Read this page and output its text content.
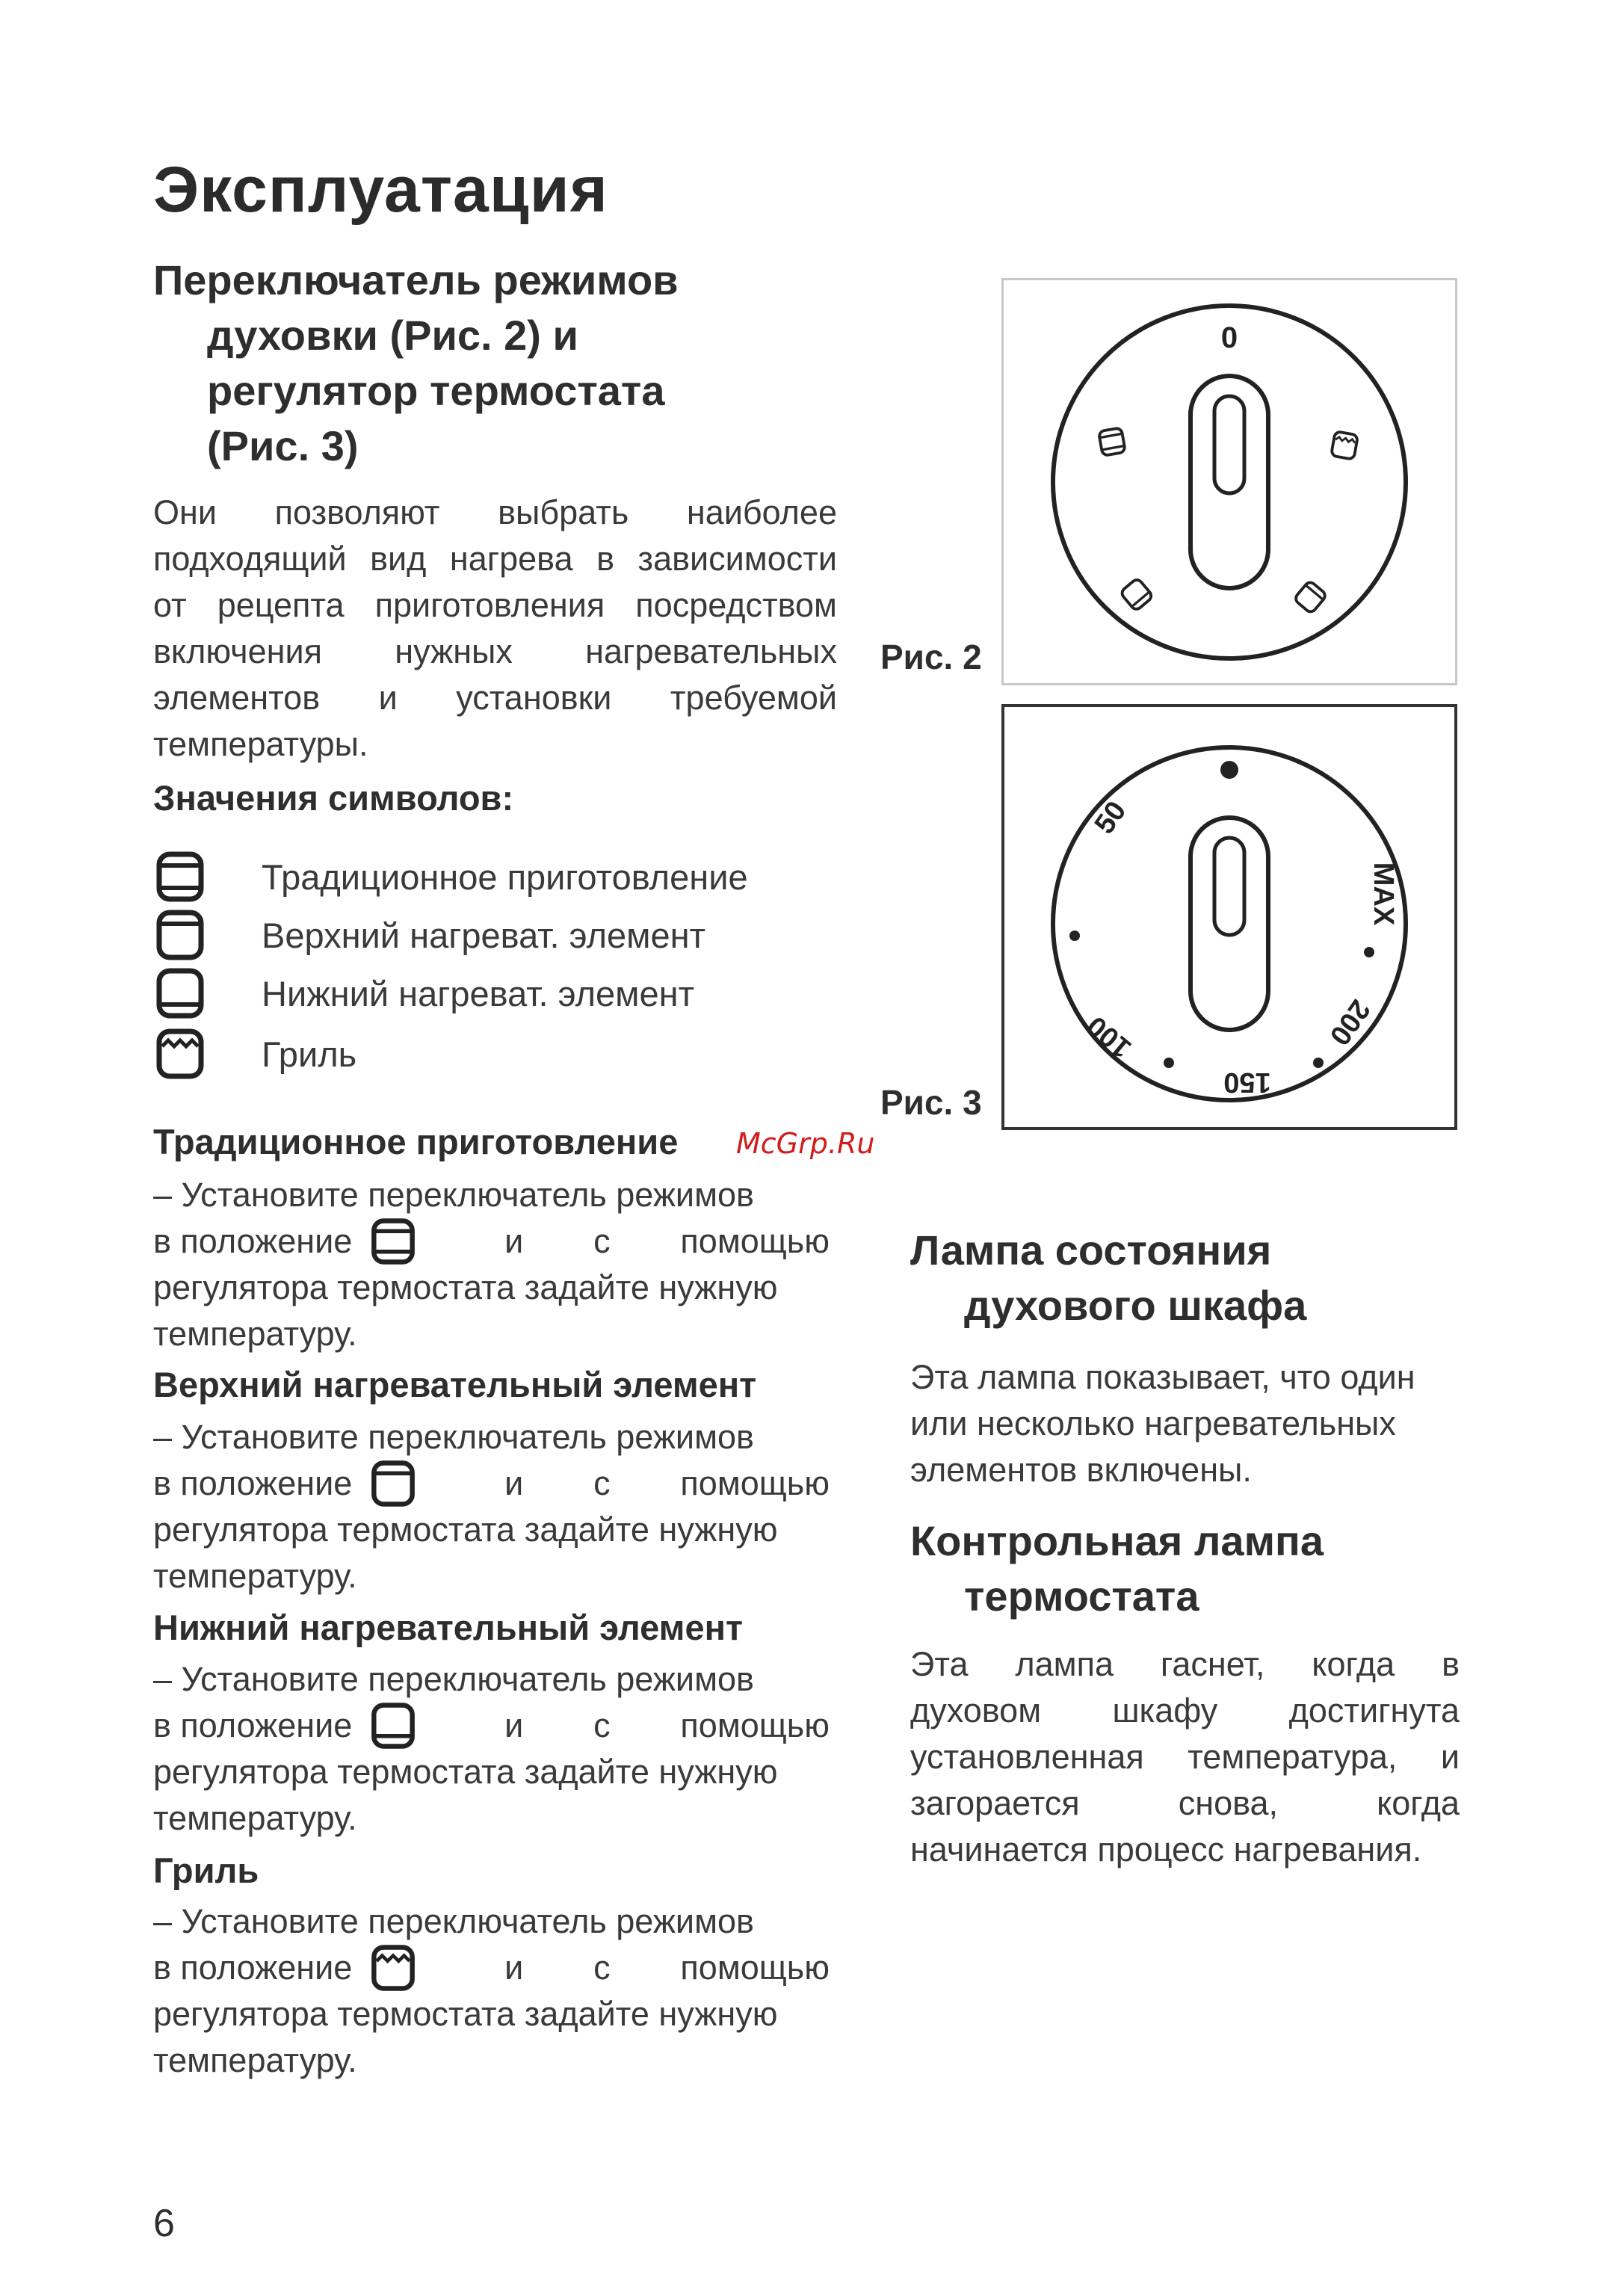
Эксплуатация
Переключатель режимов
духовки (Рис. 2) и
регулятор термостата
(Рис. 3)
Они позволяют выбрать наиболее
подходящий вид нагрева в зависимости
от рецепта приготовления посредством
включения нужных нагревательных
элементов и установки требуемой
температуры.
Значения символов:
Традиционное приготовление
Верхний нагреват. элемент
Нижний нагреват. элемент
Гриль
Традиционное приготовление McGrp.Ru
– Установите переключатель режимов
в положение	и с помощью
регулятора термостата задайте нужную
температуру.
Верхний нагревательный элемент
– Установите переключатель режимов
в положение	и с помощью
регулятора термостата задайте нужную
температуру.
Нижний нагревательный элемент
– Установите переключатель режимов
в положение	и с помощью
регулятора термостата задайте нужную
температуру.
Гриль
– Установите переключатель режимов
в положение	и с помощью
регулятора термостата задайте нужную
температуру.
0
Рис. 2
50
MAX
200
150
100
Рис. 3
Лампа состояния
духового шкафа
Эта лампа показывает, что один
или несколько нагревательных
элементов включены.
Контрольная лампа
термостата
Эта лампа гаснет, когда в
духовом шкафу достигнута
установленная температура, и
загорается снова, когда
начинается процесс нагревания.
6
